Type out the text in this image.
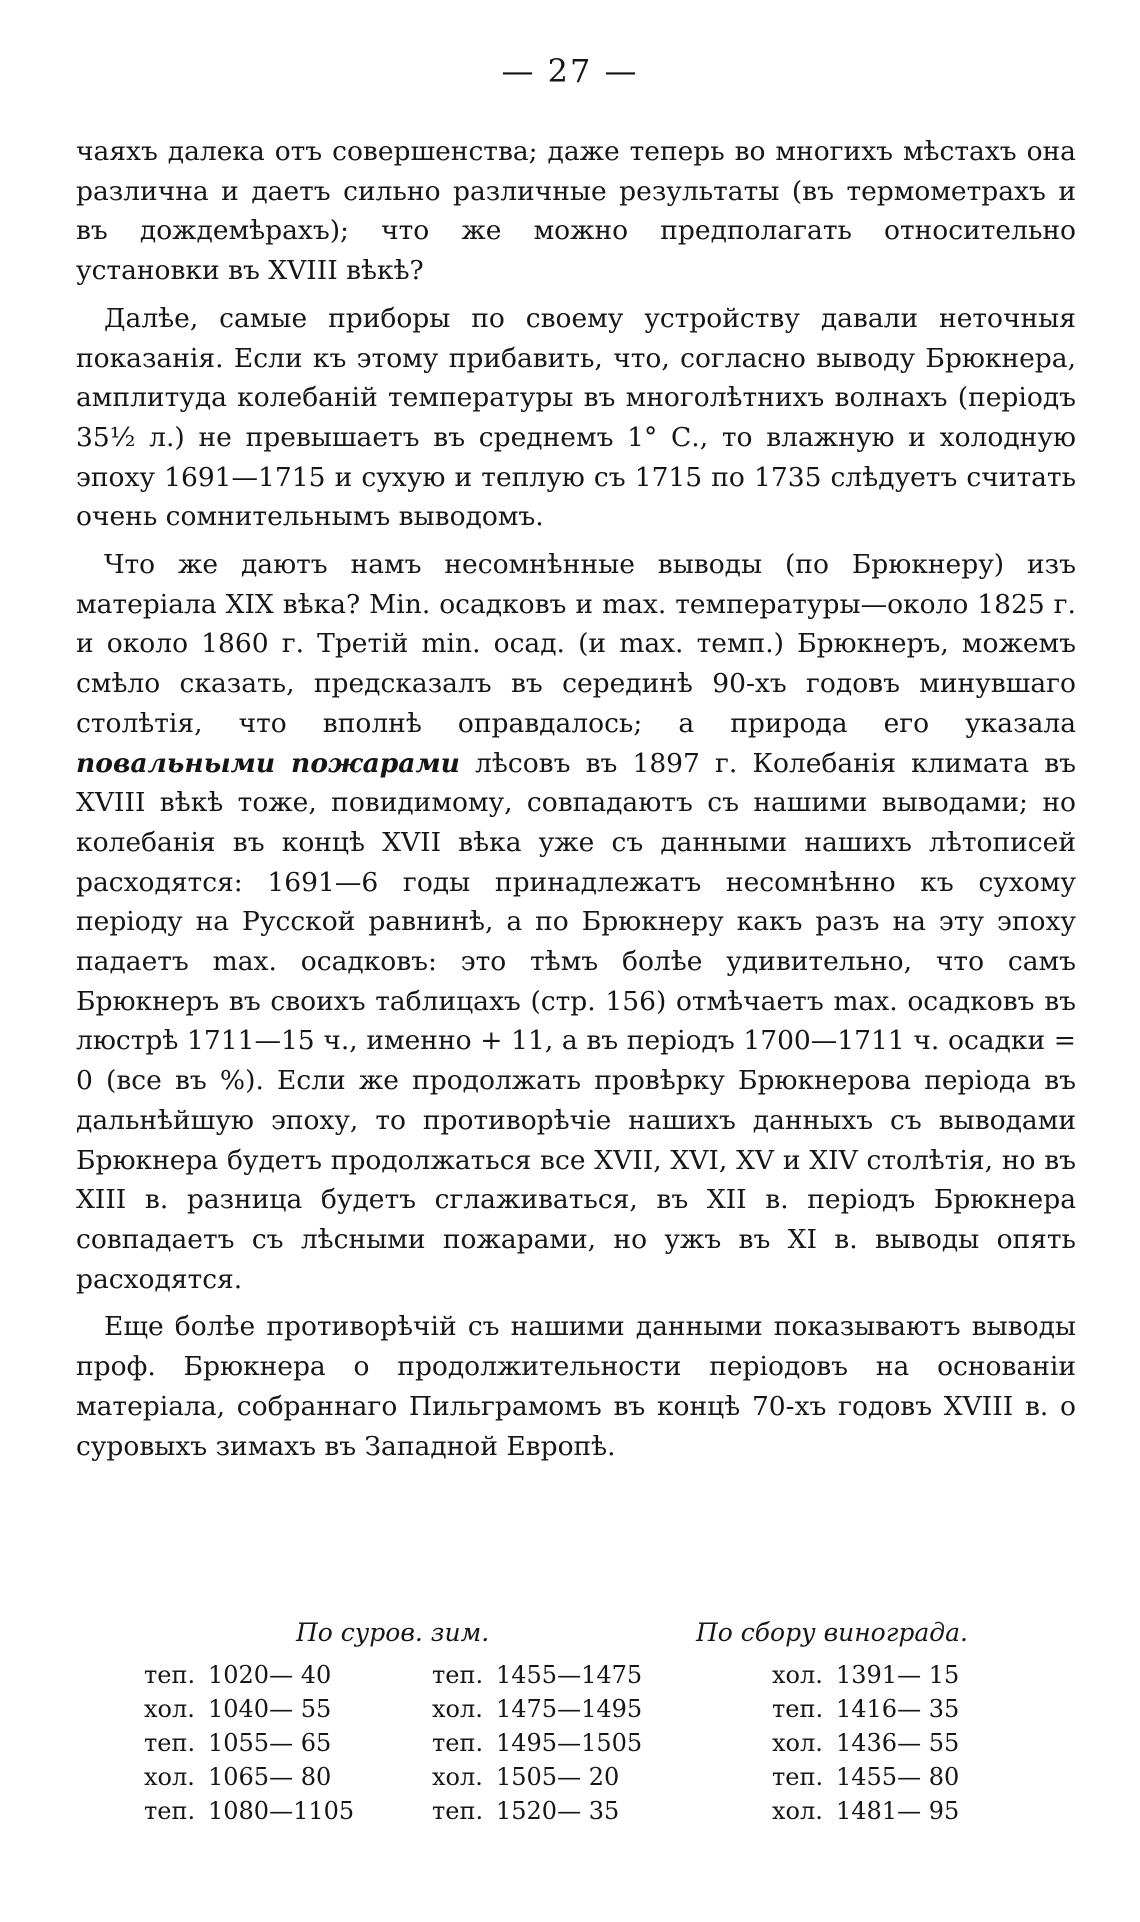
— 27 —

чаяхъ далека отъ совершенства; даже теперь во многихъ мѣстахъ она различна и даетъ сильно различные результаты (въ термометрахъ и въ дождемѣрахъ); что же можно предполагать относительно установки въ XVIII вѣкѣ?

Далѣе, самые приборы по своему устройству давали неточныя показанія. Если къ этому прибавить, что, согласно выводу Брюкнера, амплитуда колебаній температуры въ многолѣтнихъ волнахъ (періодъ 35½ л.) не превышаетъ въ среднемъ 1° С., то влажную и холодную эпоху 1691—1715 и сухую и теплую съ 1715 по 1735 слѣдуетъ считать очень сомнительнымъ выводомъ.

Что же даютъ намъ несомнѣнные выводы (по Брюкнеру) изъ матеріала XIX вѣка? Min. осадковъ и max. температуры—около 1825 г. и около 1860 г. Третій min. осад. (и max. темп.) Брюкнеръ, можемъ смѣло сказать, предсказалъ въ серединѣ 90-хъ годовъ минувшаго столѣтія, что вполнѣ оправдалось; а природа его указала повальными пожарами лѣсовъ въ 1897 г. Колебанія климата въ XVIII вѣкѣ тоже, повидимому, совпадаютъ съ нашими выводами; но колебанія въ концѣ XVII вѣка уже съ данными нашихъ лѣтописей расходятся: 1691—6 годы принадлежатъ несомнѣнно къ сухому періоду на Русской равнинѣ, а по Брюкнеру какъ разъ на эту эпоху падаетъ max. осадковъ: это тѣмъ болѣе удивительно, что самъ Брюкнеръ въ своихъ таблицахъ (стр. 156) отмѣчаетъ max. осадковъ въ люстрѣ 1711—15 ч., именно + 11, а въ періодъ 1700—1711 ч. осадки = 0 (все въ %). Если же продолжать провѣрку Брюкнерова періода въ дальнѣйшую эпоху, то противорѣчіе нашихъ данныхъ съ выводами Брюкнера будетъ продолжаться все XVII, XVI, XV и XIV столѣтія, но въ XIII в. разница будетъ сглаживаться, въ XII в. періодъ Брюкнера совпадаетъ съ лѣсными пожарами, но ужъ въ XI в. выводы опять расходятся.

Еще болѣе противорѣчій съ нашими данными показываютъ выводы проф. Брюкнера о продолжительности періодовъ на основаніи матеріала, собраннаго Пильграмомъ въ концѣ 70-хъ годовъ XVIII в. о суровыхъ зимахъ въ Западной Европѣ.

По суров. зим.	По сбору винограда.
теп. 1020— 40
хол. 1040— 55
теп. 1055— 65
хол. 1065— 80
теп. 1080—1105
теп. 1455—1475
хол. 1475—1495
теп. 1495—1505
хол. 1505— 20
теп. 1520— 35
хол. 1391— 15
теп. 1416— 35
хол. 1436— 55
теп. 1455— 80
хол. 1481— 95
